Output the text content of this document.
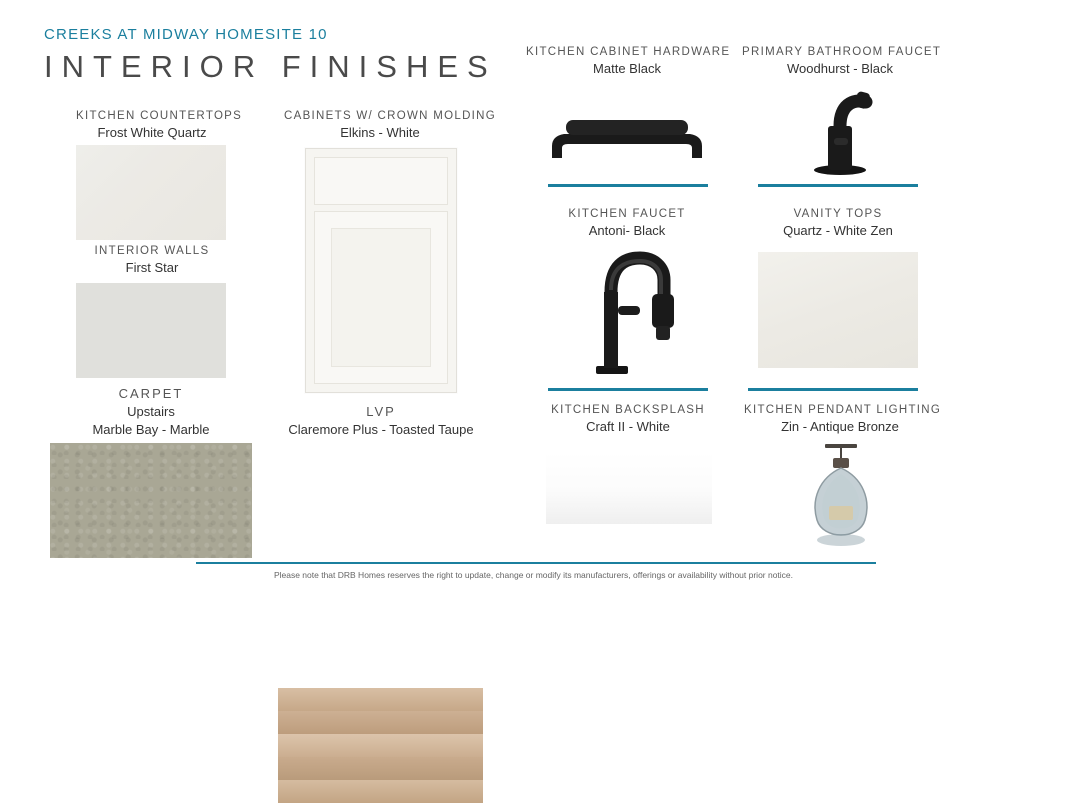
CREEKS AT MIDWAY HOMESITE 10
INTERIOR FINISHES
KITCHEN COUNTERTOPS
Frost White Quartz
INTERIOR WALLS
First Star
CARPET
Upstairs
Marble Bay - Marble
CABINETS W/ CROWN MOLDING
Elkins - White
LVP
Claremore Plus - Toasted Taupe
KITCHEN CABINET HARDWARE
Matte Black
KITCHEN FAUCET
Antoni- Black
KITCHEN BACKSPLASH
Craft II - White
PRIMARY BATHROOM FAUCET
Woodhurst - Black
VANITY TOPS
Quartz - White Zen
KITCHEN PENDANT LIGHTING
Zin - Antique Bronze
Please note that DRB Homes reserves the right to update, change or modify its manufacturers, offerings or availability without prior notice.
